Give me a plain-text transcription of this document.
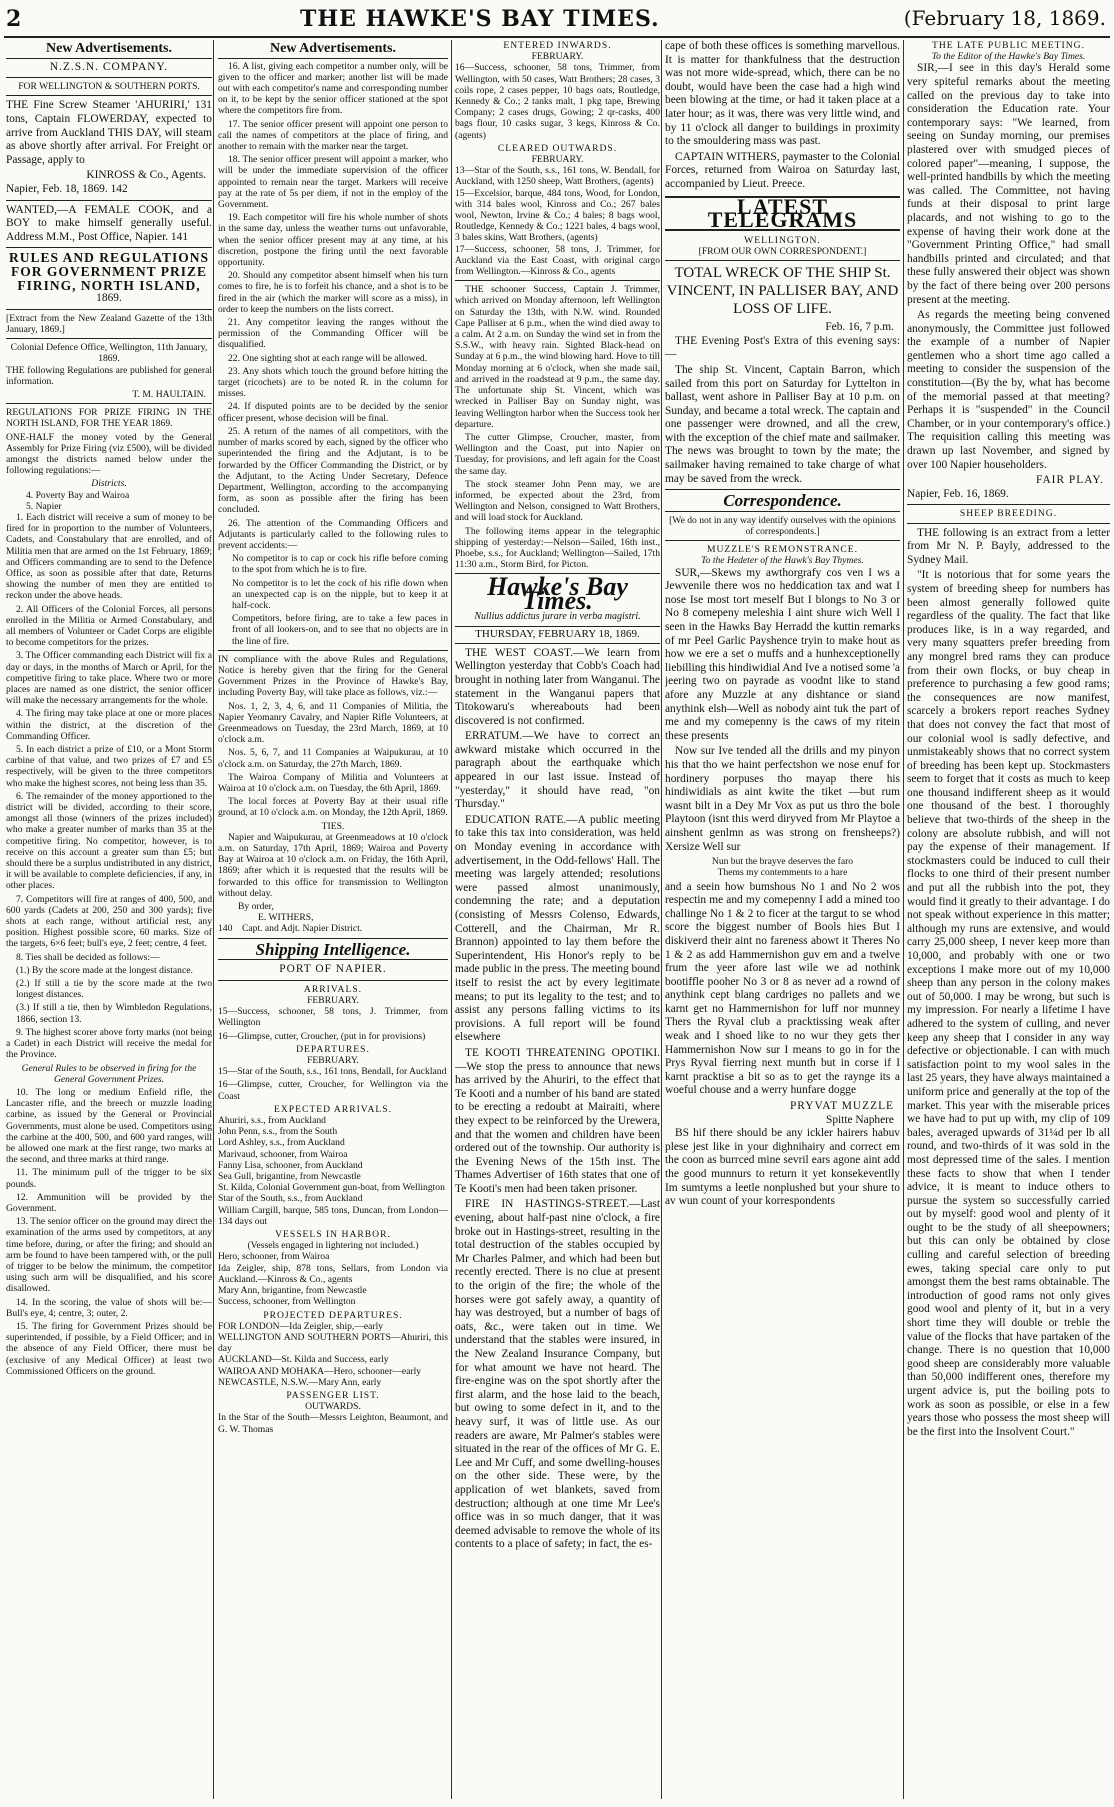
2	THE HAWKE'S BAY TIMES.	(February 18, 1869.
New Advertisements.
N.Z.S.N. COMPANY.
FOR WELLINGTON & SOUTHERN PORTS.

THE Fine Screw Steamer 'AHURIRI,' 131 tons, Captain FLOWERDAY, expected to arrive from Auckland THIS DAY, will steam as above shortly after arrival. For Freight or Passage, apply to

KINROSS & Co., Agents.
Napier, Feb. 18, 1869. 142

WANTED,—A FEMALE COOK, and a BOY to make himself generally useful. Address M.M., Post Office, Napier. 141

RULES AND REGULATIONS FOR GOVERNMENT PRIZE FIRING, NORTH ISLAND,
1869.

[Extract from the New Zealand Gazette of the 13th January, 1869.]

Colonial Defence Office, Wellington, 11th January, 1869.

THE following Regulations are published for general information.

T. M. HAULTAIN.

REGULATIONS FOR PRIZE FIRING IN THE NORTH ISLAND, FOR THE YEAR 1869.

ONE-HALF the money voted by the General Assembly for Prize Firing (viz £500), will be divided amongst the districts named below under the following regulations:—

Districts.
4. Poverty Bay and Wairoa
5. Napier

1. Each district will receive a sum of money to be fired for in proportion to the number of Volunteers, Cadets, and Constabulary that are enrolled, and of Militia men that are armed on the 1st February, 1869; and Officers commanding are to send to the Defence Office, as soon as possible after that date, Returns showing the number of men they are entitled to reckon under the above heads.

2. All Officers of the Colonial Forces, all persons enrolled in the Militia or Armed Constabulary, and all members of Volunteer or Cadet Corps are eligible to become competitors for the prizes.

3. The Officer commanding each District will fix a day or days, in the months of March or April, for the competitive firing to take place. Where two or more places are named as one district, the senior officer will make the necessary arrangements for the whole.

4. The firing may take place at one or more places within the district, at the discretion of the Commanding Officer.

5. In each district a prize of £10, or a Mont Storm carbine of that value, and two prizes of £7 and £5 respectively, will be given to the three competitors who make the highest scores, not being less than 35.

6. The remainder of the money apportioned to the district will be divided, according to their score, amongst all those (winners of the prizes included) who make a greater number of marks than 35 at the competitive firing. No competitor, however, is to receive on this account a greater sum than £5; but should there be a surplus undistributed in any district, it will be available to complete deficiencies, if any, in other places.

7. Competitors will fire at ranges of 400, 500, and 600 yards (Cadets at 200, 250 and 300 yards); five shots at each range, without artificial rest, any position. Highest possible score, 60 marks. Size of the targets, 6×6 feet; bull's eye, 2 feet; centre, 4 feet.

8. Ties shall be decided as follows:—

(1.) By the score made at the longest distance.

(2.) If still a tie by the score made at the two longest distances.

(3.) If still a tie, then by Wimbledon Regulations, 1866, section 13.

9. The highest scorer above forty marks (not being a Cadet) in each District will receive the medal for the Province.

General Rules to be observed in firing for the General Government Prizes.

10. The long or medium Enfield rifle, the Lancaster rifle, and the breech or muzzle loading carbine, as issued by the General or Provincial Governments, must alone be used. Competitors using the carbine at the 400, 500, and 600 yard ranges, will be allowed one mark at the first range, two marks at the second, and three marks at third range.

11. The minimum pull of the trigger to be six pounds.

12. Ammunition will be provided by the Government.

13. The senior officer on the ground may direct the examination of the arms used by competitors, at any time before, during, or after the firing; and should an arm be found to have been tampered with, or the pull of trigger to be below the minimum, the competitor using such arm will be disqualified, and his score disallowed.

14. In the scoring, the value of shots will be:—Bull's eye, 4; centre, 3; outer, 2.

15. The firing for Government Prizes should be superintended, if possible, by a Field Officer; and in the absence of any Field Officer, there must be (exclusive of any Medical Officer) at least two Commissioned Officers on the ground.

New Advertisements.

16. A list, giving each competitor a number only, will be given to the officer and marker; another list will be made out with each competitor's name and corresponding number on it, to be kept by the senior officer stationed at the spot where the competitors fire from.

17. The senior officer present will appoint one person to call the names of competitors at the place of firing, and another to remain with the marker near the target.

18. The senior officer present will appoint a marker, who will be under the immediate supervision of the officer appointed to remain near the target. Markers will receive pay at the rate of 5s per diem, if not in the employ of the Government.

19. Each competitor will fire his whole number of shots in the same day, unless the weather turns out unfavorable, when the senior officer present may at any time, at his discretion, postpone the firing until the next favorable opportunity.

20. Should any competitor absent himself when his turn comes to fire, he is to forfeit his chance, and a shot is to be fired in the air (which the marker will score as a miss), in order to keep the numbers on the lists correct.

21. Any competitor leaving the ranges without the permission of the Commanding Officer will be disqualified.

22. One sighting shot at each range will be allowed.

23. Any shots which touch the ground before hitting the target (ricochets) are to be noted R. in the column for misses.

24. If disputed points are to be decided by the senior officer present, whose decision will be final.

25. A return of the names of all competitors, with the number of marks scored by each, signed by the officer who superintended the firing and the Adjutant, is to be forwarded by the Officer Commanding the District, or by the Adjutant, to the Acting Under Secretary, Defence Department, Wellington, according to the accompanying form, as soon as possible after the firing has been concluded.

26. The attention of the Commanding Officers and Adjutants is particularly called to the following rules to prevent accidents:—

No competitor is to cap or cock his rifle before coming to the spot from which he is to fire.

No competitor is to let the cock of his rifle down when an unexpected cap is on the nipple, but to keep it at half-cock.

Competitors, before firing, are to take a few paces in front of all lookers-on, and to see that no objects are in the line of fire.

IN compliance with the above Rules and Regulations, Notice is hereby given that the firing for the General Government Prizes in the Province of Hawke's Bay, including Poverty Bay, will take place as follows, viz.:—

Nos. 1, 2, 3, 4, 6, and 11 Companies of Militia, the Napier Yeomanry Cavalry, and Napier Rifle Volunteers, at Greenmeadows on Tuesday, the 23rd March, 1869, at 10 o'clock a.m.

Nos. 5, 6, 7, and 11 Companies at Waipukurau, at 10 o'clock a.m. on Saturday, the 27th March, 1869.

The Wairoa Company of Militia and Volunteers at Wairoa at 10 o'clock a.m. on Tuesday, the 6th April, 1869.

The local forces at Poverty Bay at their usual rifle ground, at 10 o'clock a.m. on Monday, the 12th April, 1869.

TIES.

Napier and Waipukurau, at Greenmeadows at 10 o'clock a.m. on Saturday, 17th April, 1869; Wairoa and Poverty Bay at Wairoa at 10 o'clock a.m. on Friday, the 16th April, 1869; after which it is requested that the results will be forwarded to this office for transmission to Wellington without delay.

By order,
E. WITHERS,
140 Capt. and Adjt. Napier District.
Shipping Intelligence.
PORT OF NAPIER.
ARRIVALS.
FEBRUARY.

15—Success, schooner, 58 tons, J. Trimmer, from Wellington

16—Glimpse, cutter, Croucher, (put in for provisions)

DEPARTURES.
FEBRUARY.

15—Star of the South, s.s., 161 tons, Bendall, for Auckland

16—Glimpse, cutter, Croucher, for Wellington via the Coast

EXPECTED ARRIVALS.

Ahuriri, s.s., from Auckland
John Penn, s.s., from the South
Lord Ashley, s.s., from Auckland
Marivaud, schooner, from Wairoa
Fanny Lisa, schooner, from Auckland
Sea Gull, brigantine, from Newcastle
St. Kilda, Colonial Government gun-boat, from Wellington
Star of the South, s.s., from Auckland
William Cargill, barque, 585 tons, Duncan, from London—134 days out

VESSELS IN HARBOR.
(Vessels engaged in lightering not included.)

Hero, schooner, from Wairoa
Ida Zeigler, ship, 878 tons, Sellars, from London via Auckland.—Kinross & Co., agents
Mary Ann, brigantine, from Newcastle
Success, schooner, from Wellington

PROJECTED DEPARTURES.

FOR LONDON—Ida Zeigler, ship,—early
WELLINGTON AND SOUTHERN PORTS—Ahuriri, this day
AUCKLAND—St. Kilda and Success, early
WAIROA AND MOHAKA—Hero, schooner—early
NEWCASTLE, N.S.W.—Mary Ann, early

PASSENGER LIST.
OUTWARDS.

In the Star of the South—Messrs Leighton, Beaumont, and G. W. Thomas

ENTERED INWARDS.
FEBRUARY.

16—Success, schooner, 58 tons, Trimmer, from Wellington, with 50 cases, Watt Brothers; 28 cases, 3 coils rope, 2 cases pepper, 10 bags oats, Routledge, Kennedy & Co.; 2 tanks malt, 1 pkg tape, Brewing Company; 2 cases drugs, Gowing; 2 qr-casks, 400 bags flour, 10 casks sugar, 3 kegs, Kinross & Co. (agents)

CLEARED OUTWARDS.
FEBRUARY.

13—Star of the South, s.s., 161 tons, W. Bendall, for Auckland, with 1250 sheep, Watt Brothers, (agents)
15—Excelsior, barque, 484 tons, Wood, for London, with 314 bales wool, Kinross and Co.; 267 bales wool, Newton, Irvine & Co.; 4 bales; 8 bags wool, Routledge, Kennedy & Co.; 1221 bales, 4 bags wool, 3 bales skins, Watt Brothers, (agents)
17—Success, schooner, 58 tons, J. Trimmer, for Auckland via the East Coast, with original cargo from Wellington.—Kinross & Co., agents

THE schooner Success, Captain J. Trimmer, which arrived on Monday afternoon, left Wellington on Saturday the 13th, with N.W. wind. Rounded Cape Palliser at 6 p.m., when the wind died away to a calm. At 2 a.m. on Sunday the wind set in from the S.S.W., with heavy rain. Sighted Black-head on Sunday at 6 p.m., the wind blowing hard. Hove to till Monday morning at 6 o'clock, when she made sail, and arrived in the roadstead at 9 p.m., the same day. The unfortunate ship St. Vincent, which was wrecked in Palliser Bay on Sunday night, was leaving Wellington harbor when the Success took her departure.

The cutter Glimpse, Croucher, master, from Wellington and the Coast, put into Napier on Tuesday, for provisions, and left again for the Coast the same day.

The stock steamer John Penn may, we are informed, be expected about the 23rd, from Wellington and Nelson, consigned to Watt Brothers, and will load stock for Auckland.

The following items appear in the telegraphic shipping of yesterday:—Nelson—Sailed, 16th inst., Phoebe, s.s., for Auckland; Wellington—Sailed, 17th 11:30 a.m., Storm Bird, for Picton.

Hawke's Bay Times.
Nullius addictus jurare in verba magistri.
THURSDAY, FEBRUARY 18, 1869.

THE WEST COAST.—We learn from Wellington yesterday that Cobb's Coach had brought in nothing later from Wanganui. The statement in the Wanganui papers that Titokowaru's whereabouts had been discovered is not confirmed.

ERRATUM.—We have to correct an awkward mistake which occurred in the paragraph about the earthquake which appeared in our last issue. Instead of "yesterday," it should have read, "on Thursday."

EDUCATION RATE.—A public meeting to take this tax into consideration, was held on Monday evening in accordance with advertisement, in the Odd-fellows' Hall. The meeting was largely attended; resolutions were passed almost unanimously, condemning the rate; and a deputation (consisting of Messrs Colenso, Edwards, Cotterell, and the Chairman, Mr R. Brannon) appointed to lay them before the Superintendent, His Honor's reply to be made public in the press. The meeting bound itself to resist the act by every legitimate means; to put its legality to the test; and to assist any persons falling victims to its provisions. A full report will be found elsewhere

TE KOOTI THREATENING OPOTIKI.—We stop the press to announce that news has arrived by the Ahuriri, to the effect that Te Kooti and a number of his band are stated to be erecting a redoubt at Mairaiti, where they expect to be reinforced by the Urewera, and that the women and children have been ordered out of the township. Our authority is the Evening News of the 15th inst. The Thames Advertiser of 16th states that one of Te Kooti's men had been taken prisoner.

FIRE IN HASTINGS-STREET.—Last evening, about half-past nine o'clock, a fire broke out in Hastings-street, resulting in the total destruction of the stables occupied by Mr Charles Palmer, and which had been but recently erected. There is no clue at present to the origin of the fire; the whole of the horses were got safely away, a quantity of hay was destroyed, but a number of bags of oats, &c., were taken out in time. We understand that the stables were insured, in the New Zealand Insurance Company, but for what amount we have not heard. The fire-engine was on the spot shortly after the first alarm, and the hose laid to the beach, but owing to some defect in it, and to the heavy surf, it was of little use. As our readers are aware, Mr Palmer's stables were situated in the rear of the offices of Mr G. E. Lee and Mr Cuff, and some dwelling-houses on the other side. These were, by the application of wet blankets, saved from destruction; although at one time Mr Lee's office was in so much danger, that it was deemed advisable to remove the whole of its contents to a place of safety; in fact, the es-

cape of both these offices is something marvellous. It is matter for thankfulness that the destruction was not more wide-spread, which, there can be no doubt, would have been the case had a high wind been blowing at the time, or had it taken place at a later hour; as it was, there was very little wind, and by 11 o'clock all danger to buildings in proximity to the smouldering mass was past.

CAPTAIN WITHERS, paymaster to the Colonial Forces, returned from Wairoa on Saturday last, accompanied by Lieut. Preece.

LATEST TELEGRAMS
WELLINGTON.
[FROM OUR OWN CORRESPONDENT.]
TOTAL WRECK OF THE SHIP St. VINCENT, IN PALLISER BAY, AND LOSS OF LIFE.
Feb. 16, 7 p.m.

THE Evening Post's Extra of this evening says:—

The ship St. Vincent, Captain Barron, which sailed from this port on Saturday for Lyttelton in ballast, went ashore in Palliser Bay at 10 p.m. on Sunday, and became a total wreck. The captain and one passenger were drowned, and all the crew, with the exception of the chief mate and sailmaker. The news was brought to town by the mate; the sailmaker having remained to take charge of what may be saved from the wreck.

Correspondence.
[We do not in any way identify ourselves with the opinions of correspondents.]
MUZZLE'S REMONSTRANCE.
To the Hedeter of the Hawk's Bay Thymes.

SUR,—Skews my awthorgrafy cos ven I ws a Jewvenile there wos no heddication tax and wat I nose Ise most tort meself But I blongs to No 3 or No 8 comepeny meleshia I aint shure wich Well I seen in the Hawks Bay Herradd the kuttin remarks of mr Peel Garlic Payshence tryin to make hout as how we ere a set o muffs and a hunhexceptionelly liebilling this hindiwidial And Ive a notised some 'a jeering two on payrade as voodnt like to stand afore any Muzzle at any dishtance or siand anythink elsh—Well as nobody aint tuk the part of me and my comepenny is the caws of my ritein these presents

Now sur Ive tended all the drills and my pinyon his that tho we haint perfectshon we nose enuf for hordinery porpuses tho mayap there his hindiwidials as aint kwite the tiket —but rum wasnt bilt in a Dey Mr Vox as put us thro the bole Playtoon (isnt this werd diryved from Mr Playtoe a ainshent genlmn as was strong on frensheeps?) Xersize Well sur

Nun but the brayve deserves the faro
Thems my contemments to a hare

and a seein how bumshous No 1 and No 2 wos respectin me and my comepenny I add a mined too challinge No 1 & 2 to ficer at the targut to se whod score the biggest number of Bools hies But I diskiverd their aint no fareness abowt it Theres No 1 & 2 as add Hammernishon guv em and a twelve frum the yeer afore last wile we ad nothink bootiffle pooher No 3 or 8 as never ad a rownd of anythink cept blang cardriges no pallets and we karnt get no Hammernishon for luff nor munney Thers the Ryval club a pracktissing weak after weak and I shoed like to no wur they gets ther Hammernishon Now sur I means to go in for the Prys Ryval fierring next munth but in corse if I karnt pracktise a bit so as to get the raynge its a woeful chouse and a werry hunfare dogge

PRYVAT MUZZLE
Spitte Naphere

BS hif there should be any ickler hairers habuv plese jest like in your dighnihairy and correct em the coon as burrced mine sevril ears agone aint add the good munnurs to return it yet konsekeventlly Im sumtyms a leetle nonplushed but your shure to av wun count of your korrespondents

THE LATE PUBLIC MEETING.
To the Editor of the Hawke's Bay Times.

SIR,—I see in this day's Herald some very spiteful remarks about the meeting called on the previous day to take into consideration the Education rate. Your contemporary says: "We learned, from seeing on Sunday morning, our premises plastered over with smudged pieces of colored paper"—meaning, I suppose, the well-printed handbills by which the meeting was called. The Committee, not having funds at their disposal to print large placards, and not wishing to go to the expense of having their work done at the "Government Printing Office," had small handbills printed and circulated; and that these fully answered their object was shown by the fact of there being over 200 persons present at the meeting.

As regards the meeting being convened anonymously, the Committee just followed the example of a number of Napier gentlemen who a short time ago called a meeting to consider the suspension of the constitution—(By the by, what has become of the memorial passed at that meeting? Perhaps it is "suspended" in the Council Chamber, or in your contemporary's office.) The requisition calling this meeting was drawn up last November, and signed by over 100 Napier householders.

FAIR PLAY.
Napier, Feb. 16, 1869.
SHEEP BREEDING.

THE following is an extract from a letter from Mr N. P. Bayly, addressed to the Sydney Mail.

"It is notorious that for some years the system of breeding sheep for numbers has been almost generally followed quite regardless of the quality. The fact that like produces like, is in a way regarded, and very many squatters prefer breeding from any mongrel bred rams they can produce from their own flocks, or buy cheap in preference to purchasing a few good rams; the consequences are now manifest, scarcely a brokers report reaches Sydney that does not convey the fact that most of our colonial wool is sadly defective, and unmistakeably shows that no correct system of breeding has been kept up. Stockmasters seem to forget that it costs as much to keep one thousand indifferent sheep as it would one thousand of the best. I thoroughly believe that two-thirds of the sheep in the colony are absolute rubbish, and will not pay the expense of their management. If stockmasters could be induced to cull their flocks to one third of their present number and put all the rubbish into the pot, they would find it greatly to their advantage. I do not speak without experience in this matter; although my runs are extensive, and would carry 25,000 sheep, I never keep more than 10,000, and probably with one or two exceptions I make more out of my 10,000 sheep than any person in the colony makes out of 50,000. I may be wrong, but such is my impression. For nearly a lifetime I have adhered to the system of culling, and never keep any sheep that I consider in any way defective or objectionable. I can with much satisfaction point to my wool sales in the last 25 years, they have always maintained a uniform price and generally at the top of the market. This year with the miserable prices we have had to put up with, my clip of 109 bales, averaged upwards of 31¼d per lb all round, and two-thirds of it was sold in the most depressed time of the sales. I mention these facts to show that when I tender advice, it is meant to induce others to pursue the system so successfully carried out by myself: good wool and plenty of it ought to be the study of all sheepowners; but this can only be obtained by close culling and careful selection of breeding ewes, taking special care only to put amongst them the best rams obtainable. The introduction of good rams not only gives good wool and plenty of it, but in a very short time they will double or treble the value of the flocks that have partaken of the change. There is no question that 10,000 good sheep are considerably more valuable than 50,000 indifferent ones, therefore my urgent advice is, put the boiling pots to work as soon as possible, or else in a few years those who possess the most sheep will be the first into the Insolvent Court."
